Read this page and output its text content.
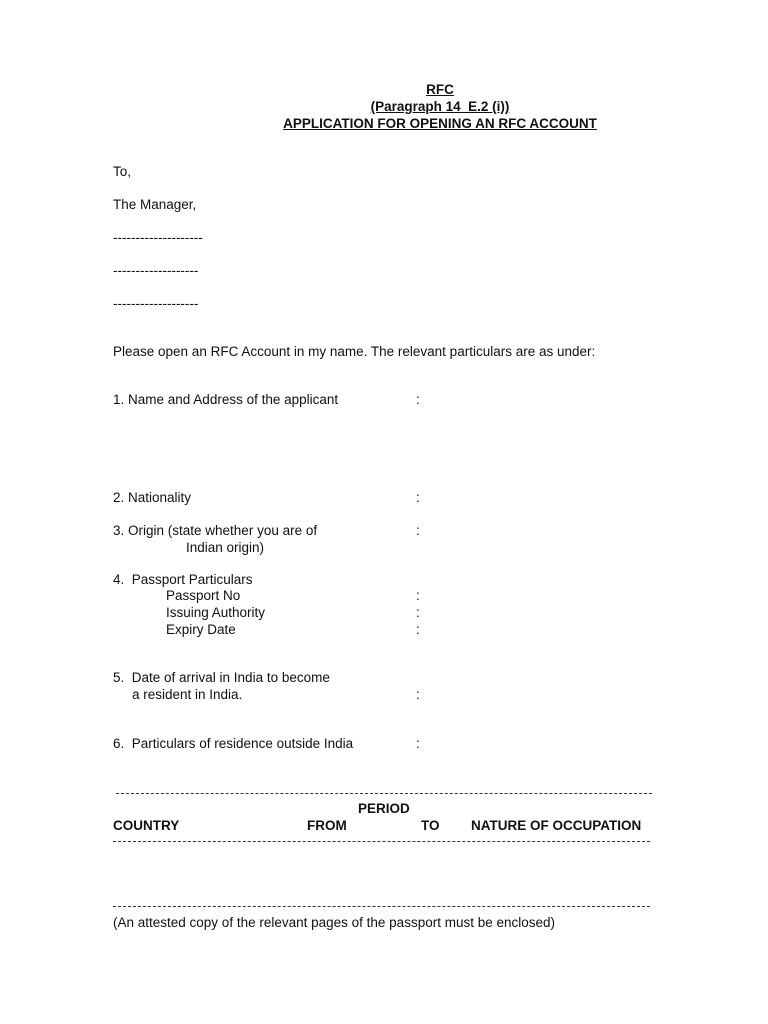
RFC
(Paragraph 14  E.2 (i))
APPLICATION FOR OPENING AN RFC ACCOUNT
To,
The Manager,
--------------------
-------------------
-------------------
Please open an RFC Account in my name. The relevant particulars are as under:
1. Name and Address of the applicant	:
2. Nationality	:
3. Origin (state whether you are of
Indian origin)
:
4.  Passport Particulars
Passport No	:
Issuing Authority	:
Expiry Date	:
5.  Date of arrival in India to become
a resident in India.	:
6.  Particulars of residence outside India	:
PERIOD
COUNTRY	FROM	TO NATURE OF OCCUPATION
(An attested copy of the relevant pages of the passport must be enclosed)
